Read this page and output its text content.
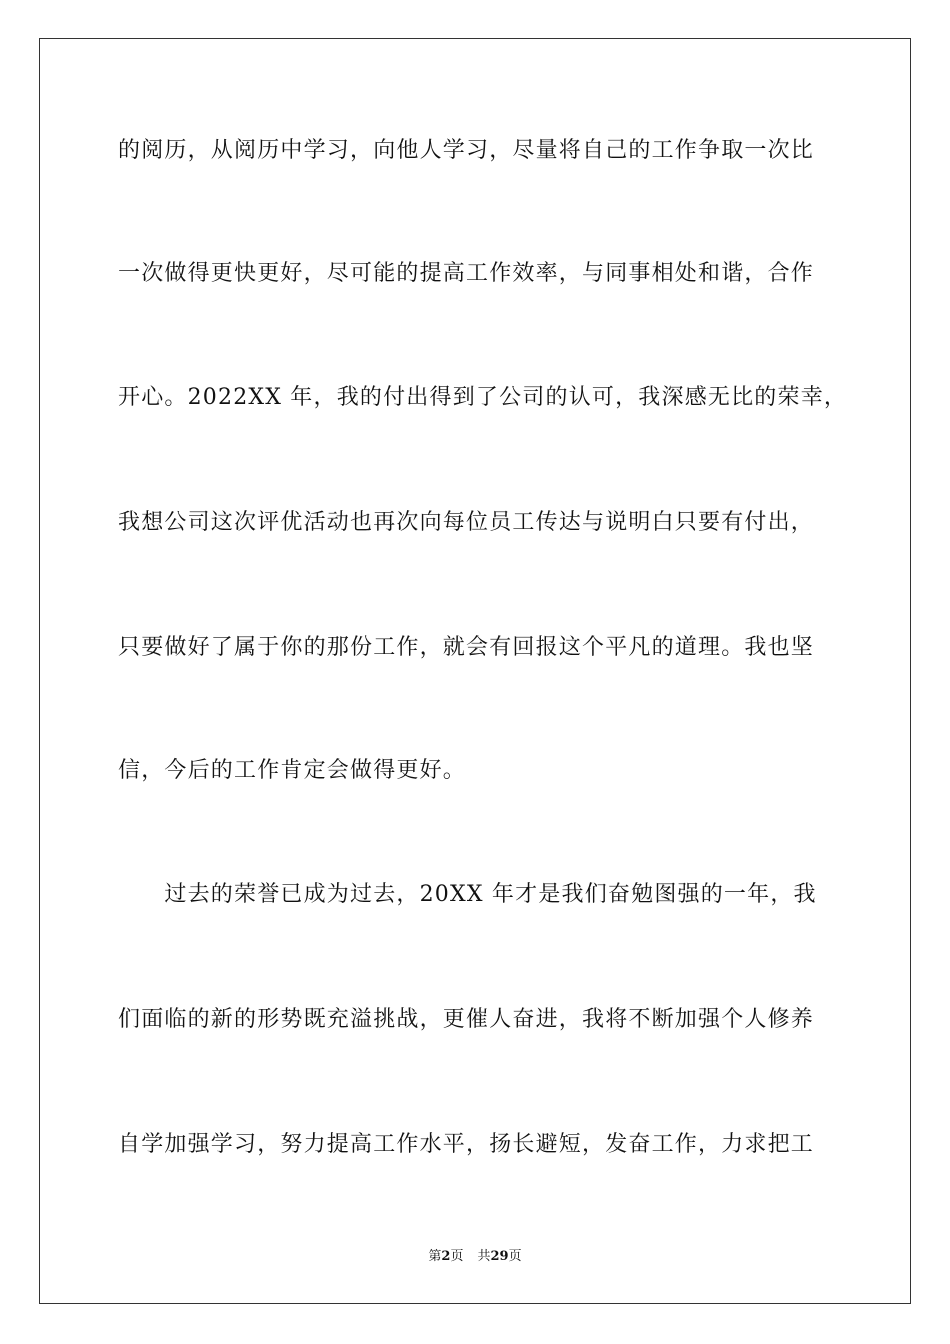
的阅历，从阅历中学习，向他人学习，尽量将自己的工作争取一次比
一次做得更快更好，尽可能的提高工作效率，与同事相处和谐，合作
开心。2022XX 年，我的付出得到了公司的认可，我深感无比的荣幸，
我想公司这次评优活动也再次向每位员工传达与说明白只要有付出，
只要做好了属于你的那份工作，就会有回报这个平凡的道理。我也坚
信，今后的工作肯定会做得更好。
　　过去的荣誉已成为过去，20XX 年才是我们奋勉图强的一年，我
们面临的新的形势既充溢挑战，更催人奋进，我将不断加强个人修养
自学加强学习，努力提高工作水平，扬长避短，发奋工作，力求把工
第2页 共29页
